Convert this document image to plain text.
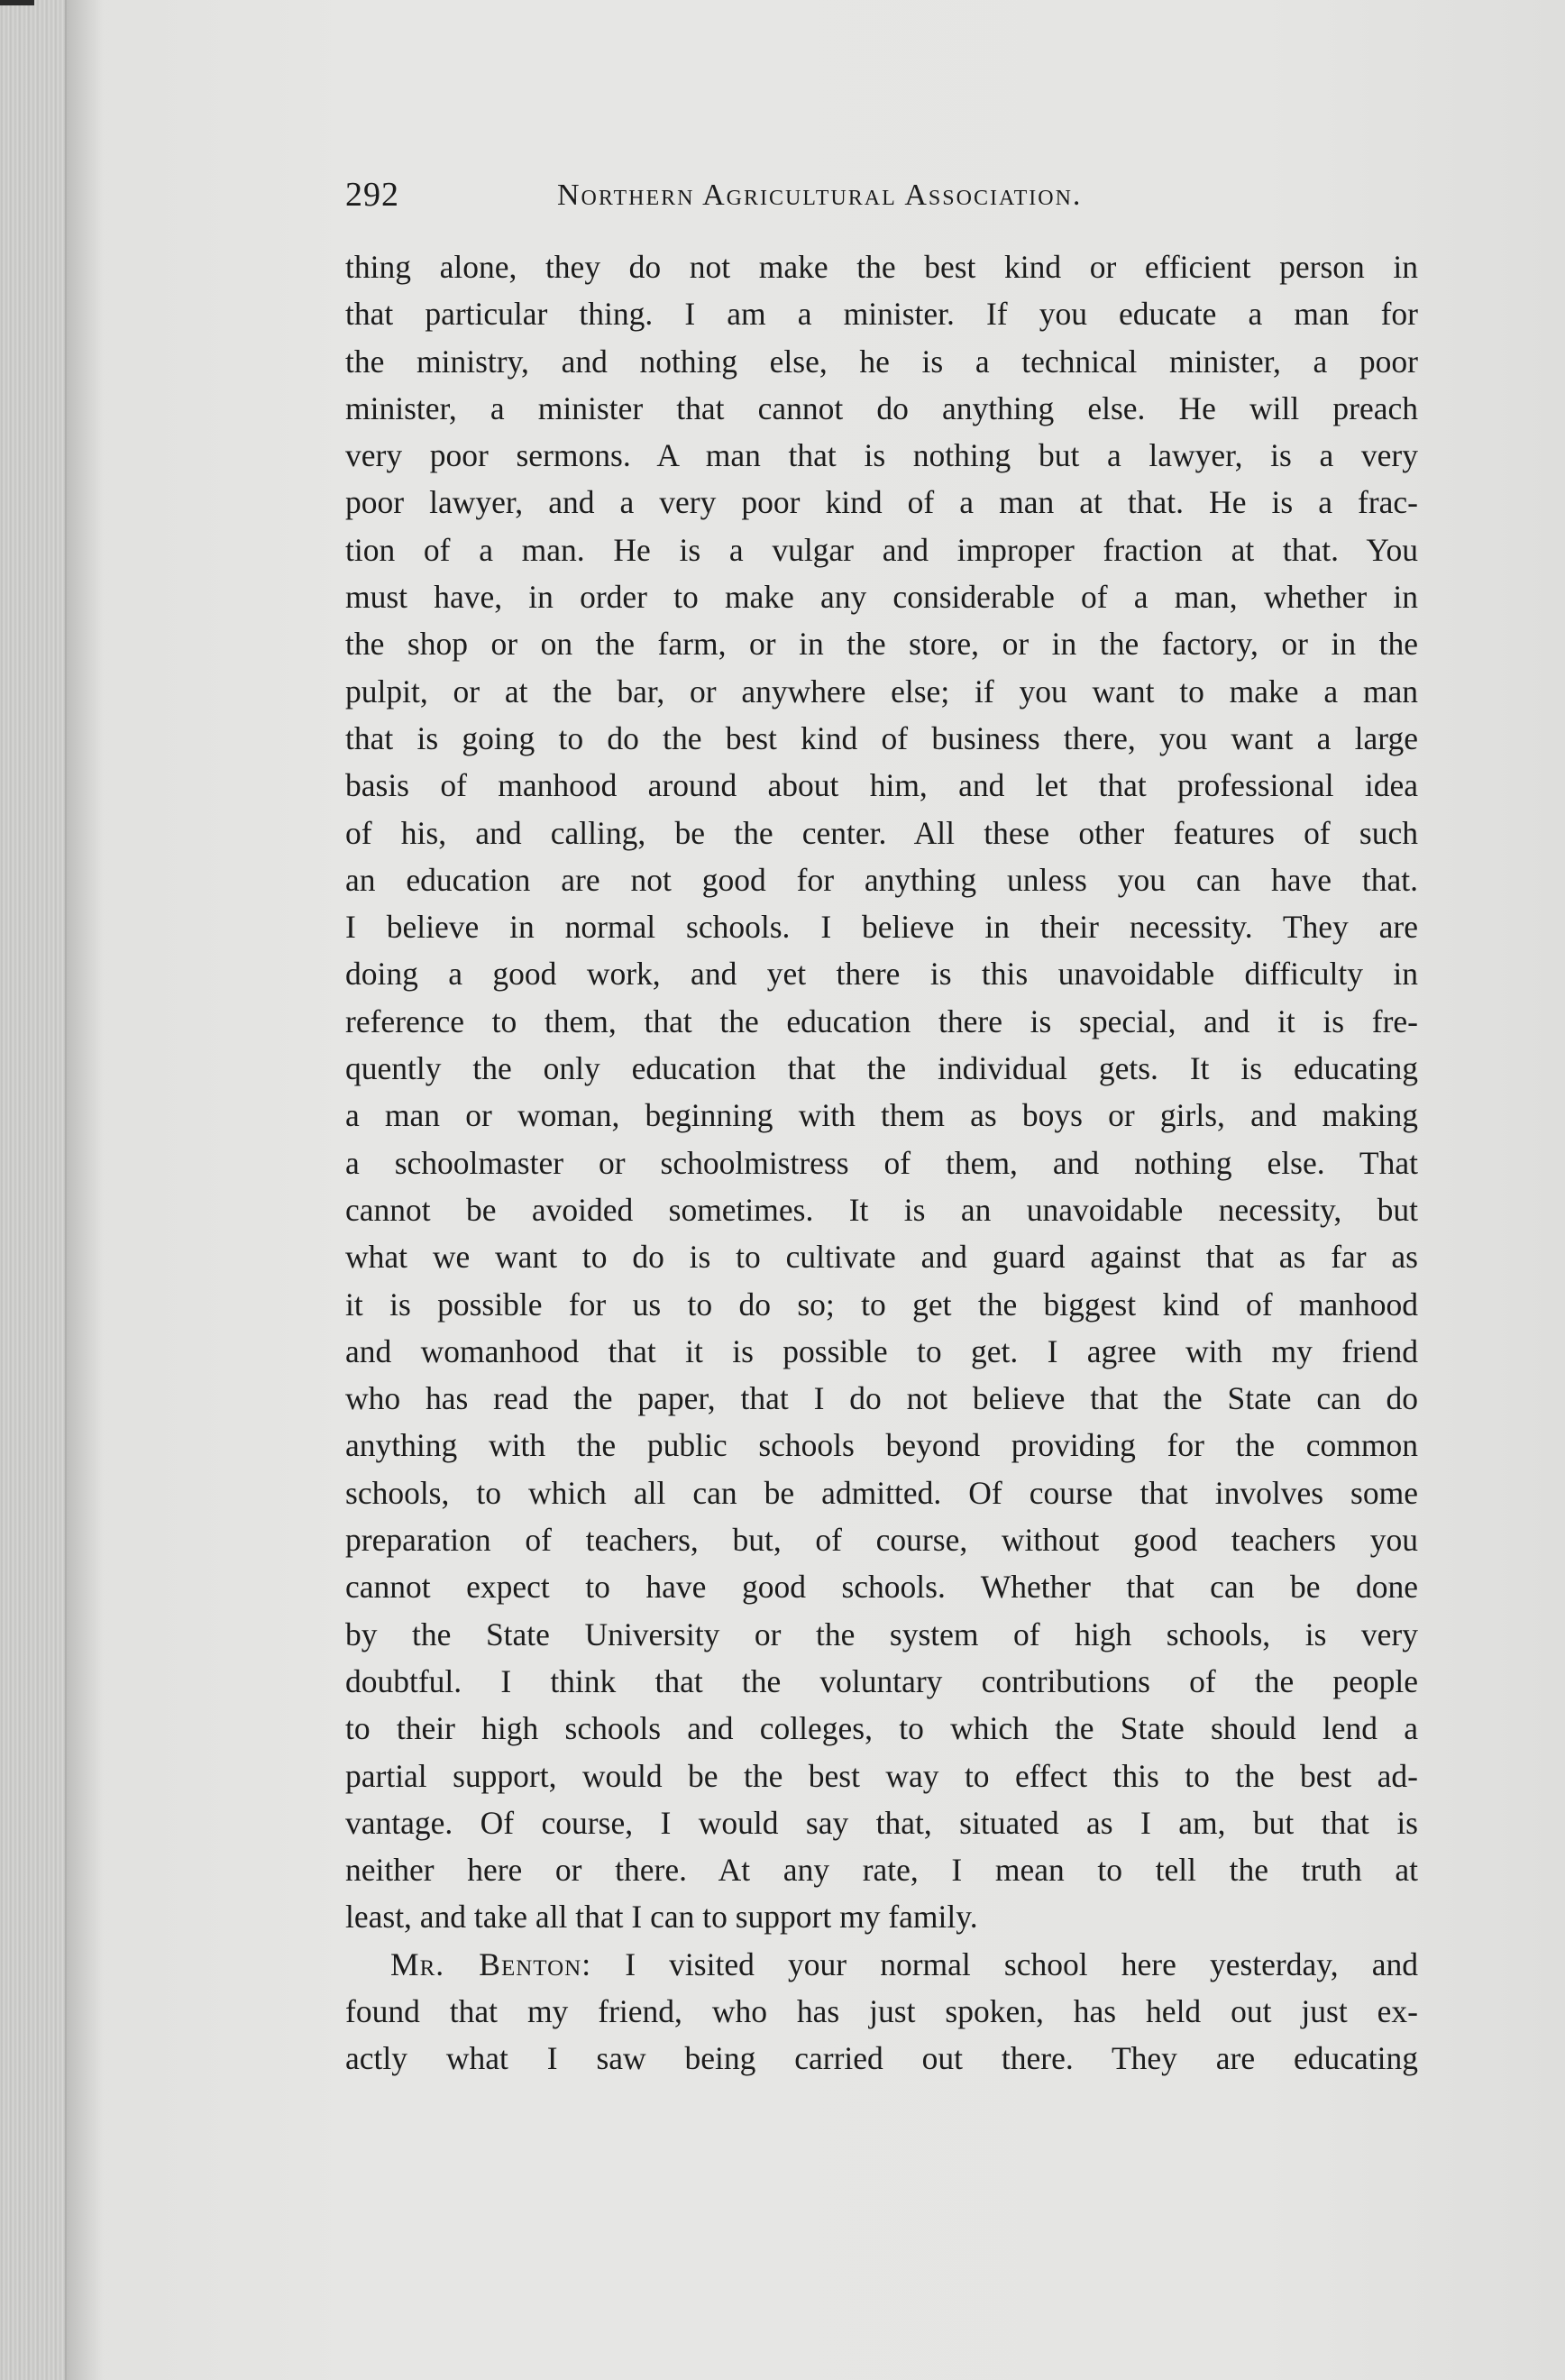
292	Northern Agricultural Association.
thing alone, they do not make the best kind or efficient person in
that particular thing. I am a minister. If you educate a man for
the ministry, and nothing else, he is a technical minister, a poor
minister, a minister that cannot do anything else. He will preach
very poor sermons. A man that is nothing but a lawyer, is a very
poor lawyer, and a very poor kind of a man at that. He is a frac-
tion of a man. He is a vulgar and improper fraction at that. You
must have, in order to make any considerable of a man, whether in
the shop or on the farm, or in the store, or in the factory, or in the
pulpit, or at the bar, or anywhere else; if you want to make a man
that is going to do the best kind of business there, you want a large
basis of manhood around about him, and let that professional idea
of his, and calling, be the center. All these other features of such
an education are not good for anything unless you can have that.
I believe in normal schools. I believe in their necessity. They are
doing a good work, and yet there is this unavoidable difficulty in
reference to them, that the education there is special, and it is fre-
quently the only education that the individual gets. It is educating
a man or woman, beginning with them as boys or girls, and making
a schoolmaster or schoolmistress of them, and nothing else. That
cannot be avoided sometimes. It is an unavoidable necessity, but
what we want to do is to cultivate and guard against that as far as
it is possible for us to do so; to get the biggest kind of manhood
and womanhood that it is possible to get. I agree with my friend
who has read the paper, that I do not believe that the State can do
anything with the public schools beyond providing for the common
schools, to which all can be admitted. Of course that involves some
preparation of teachers, but, of course, without good teachers you
cannot expect to have good schools. Whether that can be done
by the State University or the system of high schools, is very
doubtful. I think that the voluntary contributions of the people
to their high schools and colleges, to which the State should lend a
partial support, would be the best way to effect this to the best ad-
vantage. Of course, I would say that, situated as I am, but that is
neither here or there. At any rate, I mean to tell the truth at
least, and take all that I can to support my family.
Mr. Benton: I visited your normal school here yesterday, and
found that my friend, who has just spoken, has held out just ex-
actly what I saw being carried out there. They are educating
